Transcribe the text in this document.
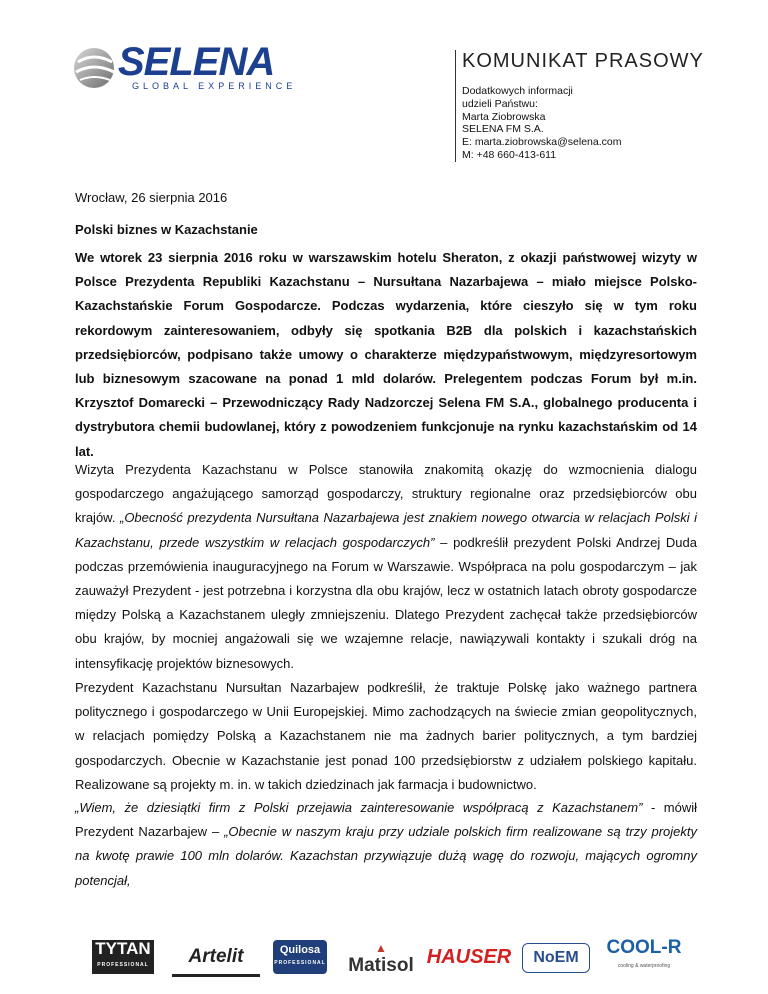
SELENA
GLOBAL EXPERIENCE
KOMUNIKAT PRASOWY
Dodatkowych informacji
udzieli Państwu:
Marta Ziobrowska
SELENA FM S.A.
E: marta.ziobrowska@selena.com
M: +48 660-413-611
Wrocław, 26 sierpnia 2016
Polski biznes w Kazachstanie
We wtorek 23 sierpnia 2016 roku w warszawskim hotelu Sheraton, z okazji państwowej wizyty w Polsce Prezydenta Republiki Kazachstanu – Nursułtana Nazarbajewa – miało miejsce Polsko-Kazachstańskie Forum Gospodarcze. Podczas wydarzenia, które cieszyło się w tym roku rekordowym zainteresowaniem, odbyły się spotkania B2B dla polskich i kazachstańskich przedsiębiorców, podpisano także umowy o charakterze międzypaństwowym, międzyresortowym lub biznesowym szacowane na ponad 1 mld dolarów. Prelegentem podczas Forum był m.in. Krzysztof Domarecki – Przewodniczący Rady Nadzorczej Selena FM S.A., globalnego producenta i dystrybutora chemii budowlanej, który z powodzeniem funkcjonuje na rynku kazachstańskim od 14 lat.
Wizyta Prezydenta Kazachstanu w Polsce stanowiła znakomitą okazję do wzmocnienia dialogu gospodarczego angażującego samorząd gospodarczy, struktury regionalne oraz przedsiębiorców obu krajów. „Obecność prezydenta Nursułtana Nazarbajewa jest znakiem nowego otwarcia w relacjach Polski i Kazachstanu, przede wszystkim w relacjach gospodarczych” – podkreślił prezydent Polski Andrzej Duda podczas przemówienia inauguracyjnego na Forum w Warszawie. Współpraca na polu gospodarczym – jak zauważył Prezydent - jest potrzebna i korzystna dla obu krajów, lecz w ostatnich latach obroty gospodarcze między Polską a Kazachstanem uległy zmniejszeniu. Dlatego Prezydent zachęcał także przedsiębiorców obu krajów, by mocniej angażowali się we wzajemne relacje, nawiązywali kontakty i szukali dróg na intensyfikację projektów biznesowych.
Prezydent Kazachstanu Nursułtan Nazarbajew podkreślił, że traktuje Polskę jako ważnego partnera politycznego i gospodarczego w Unii Europejskiej. Mimo zachodzących na świecie zmian geopolitycznych, w relacjach pomiędzy Polską a Kazachstanem nie ma żadnych barier politycznych, a tym bardziej gospodarczych. Obecnie w Kazachstanie jest ponad 100 przedsiębiorstw z udziałem polskiego kapitału. Realizowane są projekty m. in. w takich dziedzinach jak farmacja i budownictwo.
„Wiem, że dziesiątki firm z Polski przejawia zainteresowanie współpracą z Kazachstanem” - mówił Prezydent Nazarbajew – „Obecnie w naszym kraju przy udziale polskich firm realizowane są trzy projekty na kwotę prawie 100 mln dolarów. Kazachstan przywiązuje dużą wagę do rozwoju, mających ogromny potencjał,
TYTAN
PROFESSIONAL	Artelit	Quilosa
PROFESSIONAL
▲
Matisol HAUSER	NoEM	COOL-R
cooling & waterproofing
